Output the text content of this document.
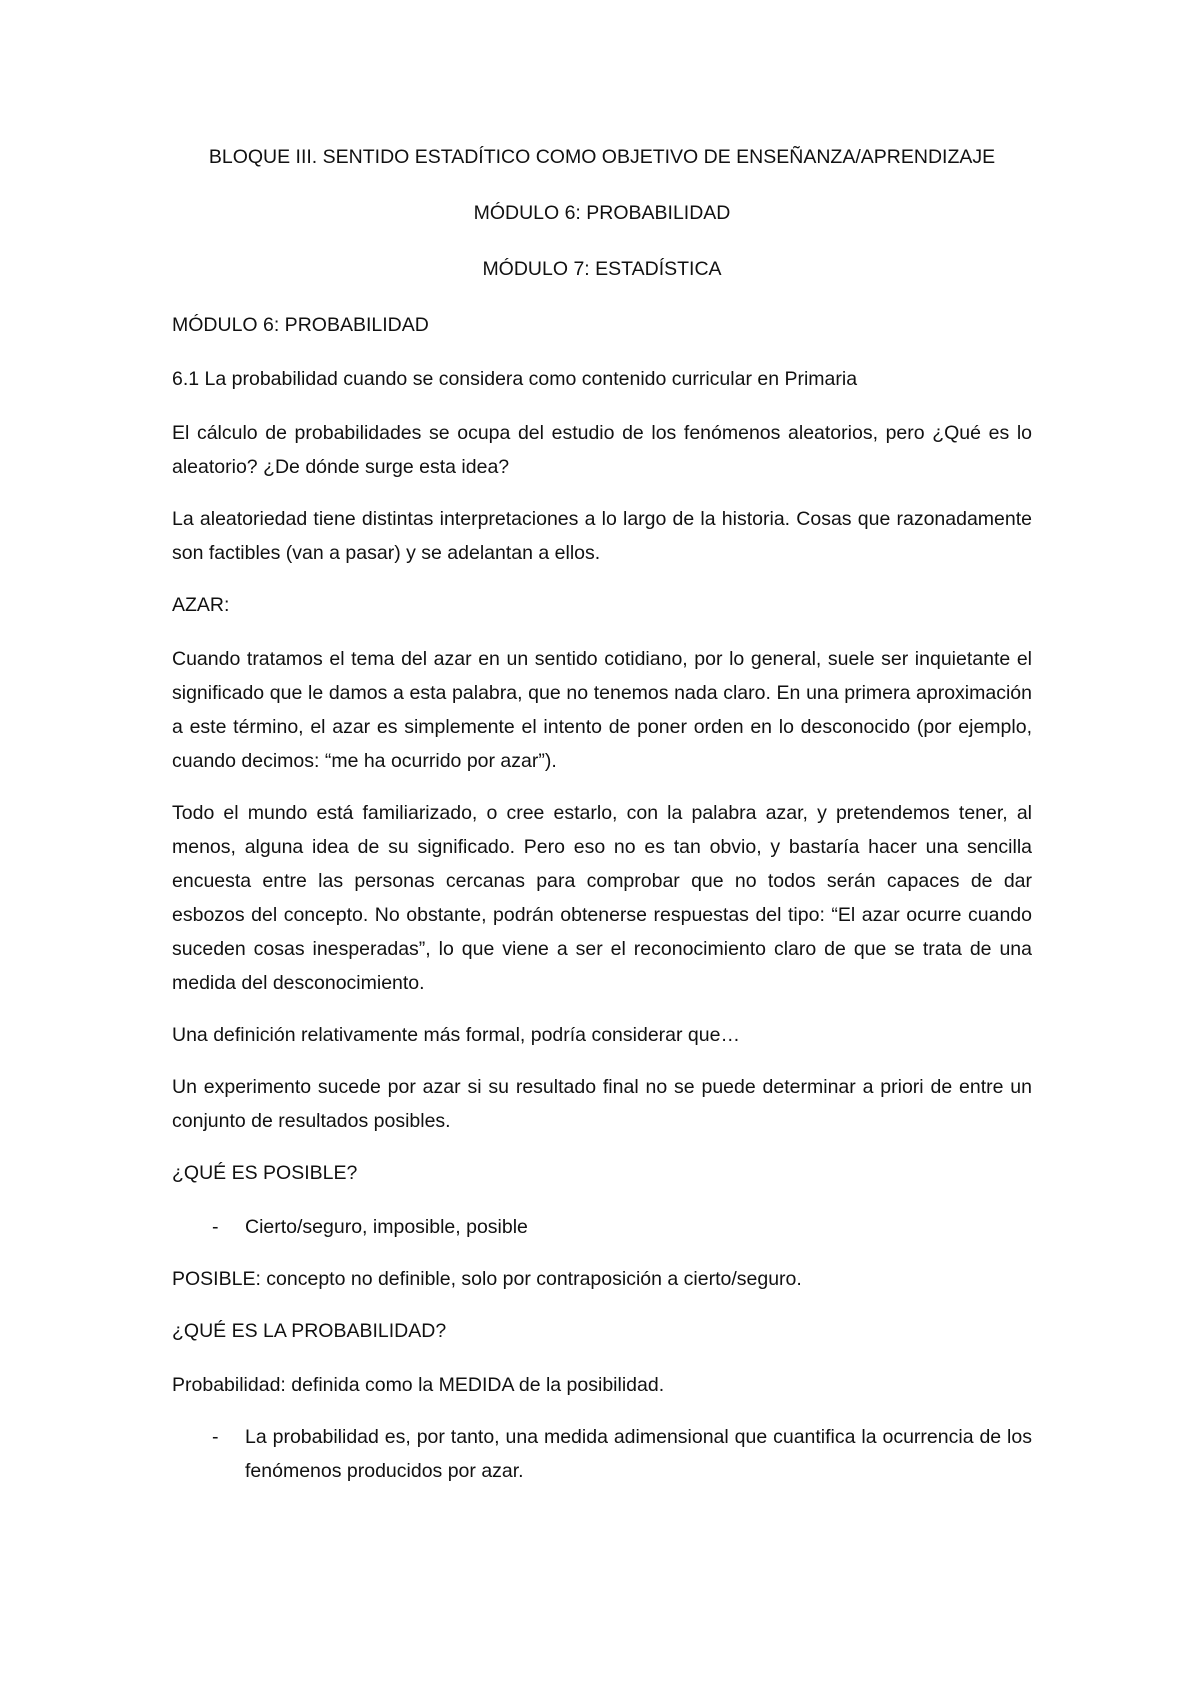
BLOQUE III. SENTIDO ESTADÍTICO COMO OBJETIVO DE ENSEÑANZA/APRENDIZAJE
MÓDULO 6: PROBABILIDAD
MÓDULO 7: ESTADÍSTICA
MÓDULO 6: PROBABILIDAD
6.1 La probabilidad cuando se considera como contenido curricular en Primaria
El cálculo de probabilidades se ocupa del estudio de los fenómenos aleatorios, pero ¿Qué es lo aleatorio? ¿De dónde surge esta idea?
La aleatoriedad tiene distintas interpretaciones a lo largo de la historia. Cosas que razonadamente son factibles (van a pasar) y se adelantan a ellos.
AZAR:
Cuando tratamos el tema del azar en un sentido cotidiano, por lo general, suele ser inquietante el significado que le damos a esta palabra, que no tenemos nada claro. En una primera aproximación a este término, el azar es simplemente el intento de poner orden en lo desconocido (por ejemplo, cuando decimos: “me ha ocurrido por azar”).
Todo el mundo está familiarizado, o cree estarlo, con la palabra azar, y pretendemos tener, al menos, alguna idea de su significado. Pero eso no es tan obvio, y bastaría hacer una sencilla encuesta entre las personas cercanas para comprobar que no todos serán capaces de dar esbozos del concepto. No obstante, podrán obtenerse respuestas del tipo: “El azar ocurre cuando suceden cosas inesperadas”, lo que viene a ser el reconocimiento claro de que se trata de una medida del desconocimiento.
Una definición relativamente más formal, podría considerar que…
Un experimento sucede por azar si su resultado final no se puede determinar a priori de entre un conjunto de resultados posibles.
¿QUÉ ES POSIBLE?
- Cierto/seguro, imposible, posible
POSIBLE: concepto no definible, solo por contraposición a cierto/seguro.
¿QUÉ ES LA PROBABILIDAD?
Probabilidad: definida como la MEDIDA de la posibilidad.
- La probabilidad es, por tanto, una medida adimensional que cuantifica la ocurrencia de los fenómenos producidos por azar.
